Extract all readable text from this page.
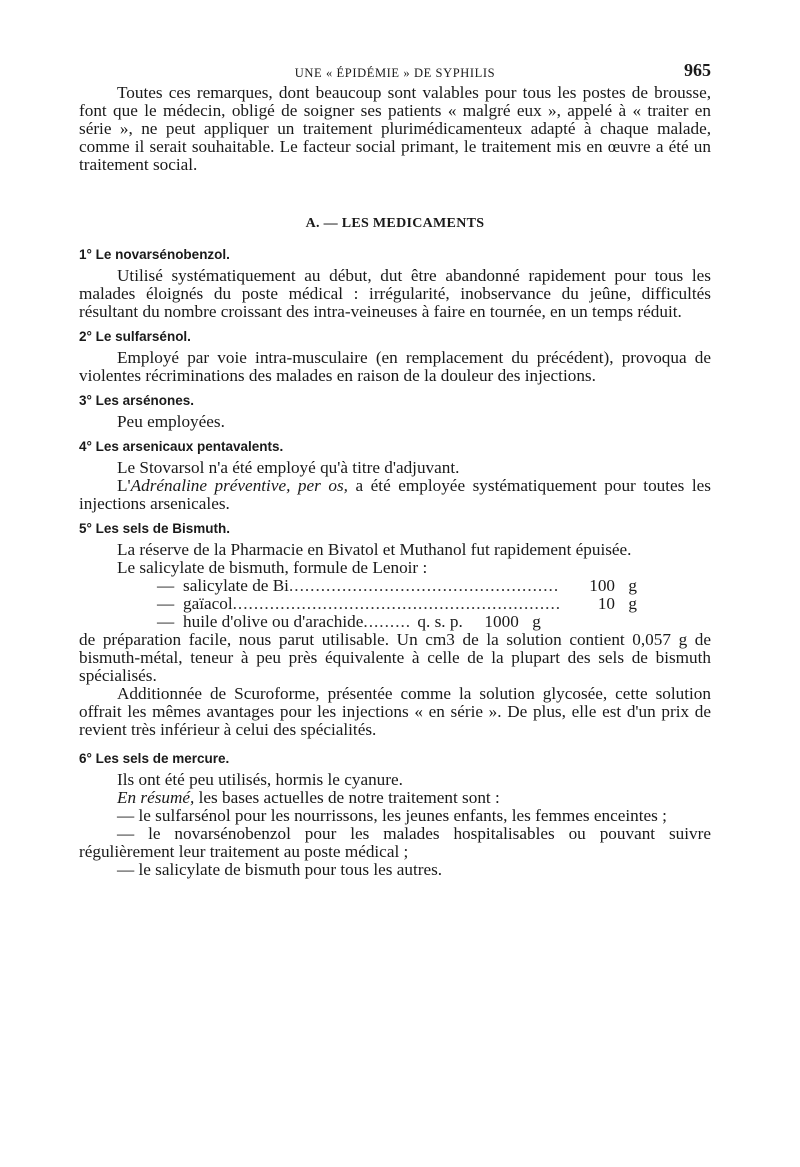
UNE « ÉPIDÉMIE » DE SYPHILIS	965

Toutes ces remarques, dont beaucoup sont valables pour tous les postes de brousse, font que le médecin, obligé de soigner ses patients « malgré eux », appelé à « traiter en série », ne peut appliquer un traitement plurimédicamenteux adapté à chaque malade, comme il serait souhaitable. Le facteur social primant, le traitement mis en œuvre a été un traitement social.

A. — LES MEDICAMENTS
1° Le novarsénobenzol.

Utilisé systématiquement au début, dut être abandonné rapidement pour tous les malades éloignés du poste médical : irrégularité, inobservance du jeûne, difficultés résultant du nombre croissant des intra-veineuses à faire en tournée, en un temps réduit.

2° Le sulfarsénol.

Employé par voie intra-musculaire (en remplacement du précédent), provoqua de violentes récriminations des malades en raison de la douleur des injections.

3° Les arsénones.

Peu employées.

4° Les arsenicaux pentavalents.

Le Stovarsol n'a été employé qu'à titre d'adjuvant.

L'Adrénaline préventive, per os, a été employée systématiquement pour toutes les injections arsenicales.

5° Les sels de Bismuth.

La réserve de la Pharmacie en Bivatol et Muthanol fut rapidement épuisée.

Le salicylate de bismuth, formule de Lenoir :

— salicylate de Bi .....	100 g
— gaïacol .....	10 g
— huile d'olive ou d'arachide .....	q. s. p.	1000 g

de préparation facile, nous parut utilisable. Un cm3 de la solution contient 0,057 g de bismuth-métal, teneur à peu près équivalente à celle de la plupart des sels de bismuth spécialisés.

Additionnée de Scuroforme, présentée comme la solution glycosée, cette solution offrait les mêmes avantages pour les injections « en série ». De plus, elle est d'un prix de revient très inférieur à celui des spécialités.

6° Les sels de mercure.

Ils ont été peu utilisés, hormis le cyanure.

En résumé, les bases actuelles de notre traitement sont :

— le sulfarsénol pour les nourrissons, les jeunes enfants, les femmes enceintes ;

— le novarsénobenzol pour les malades hospitalisables ou pouvant suivre régulièrement leur traitement au poste médical ;

— le salicylate de bismuth pour tous les autres.
